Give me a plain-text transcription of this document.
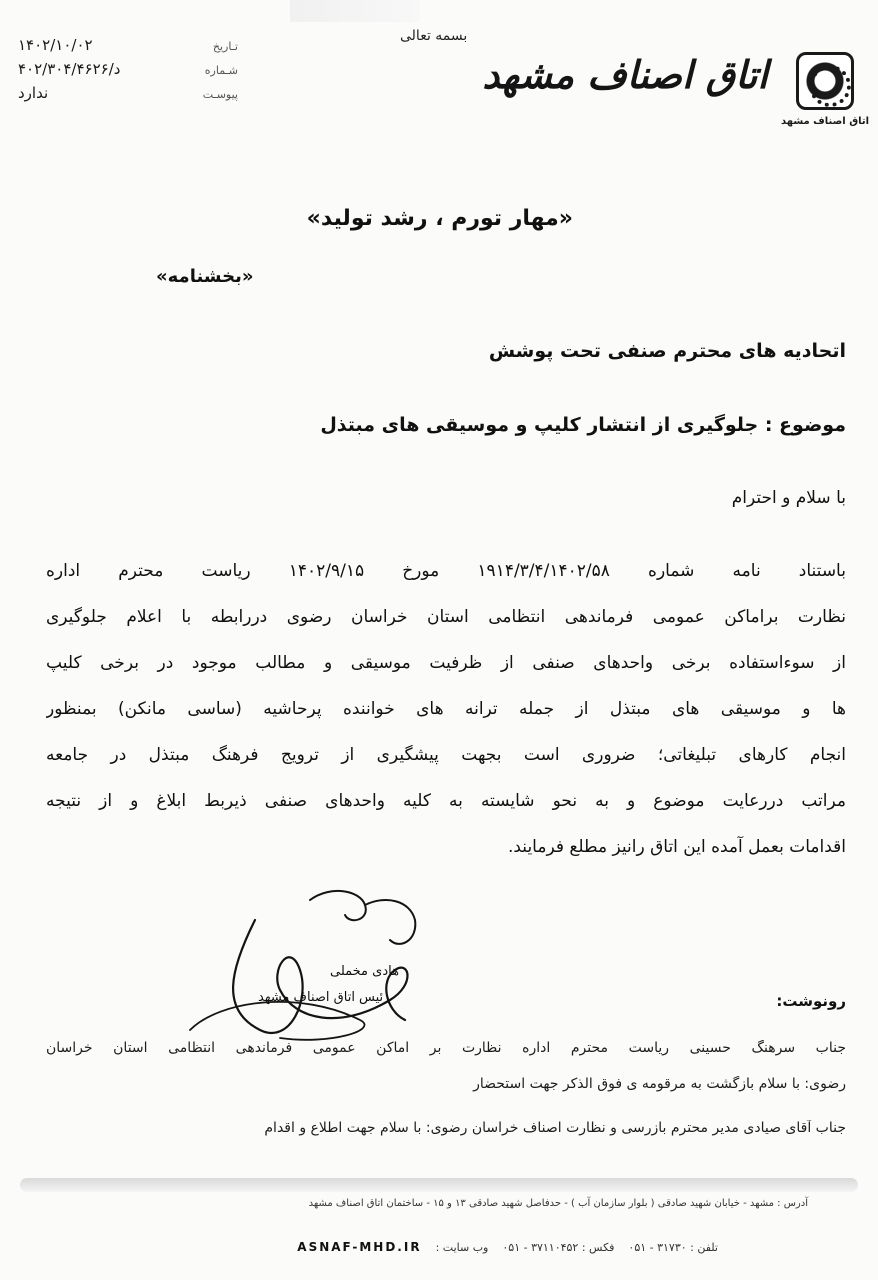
اتاق اصناف مشهد
اتاق اصناف مشهد
بسمه تعالی
تـاريخ
۱۴۰۲/۱۰/۰۲
شـماره
۴۰۲/۳۰۴/د/۴۶۲۶
پيوسـت
ندارد
«مهار تورم ، رشد تولید»
«بخشنامه»
اتحادیه های محترم صنفی تحت پوشش
موضوع : جلوگیری از انتشار کلیپ و موسیقی های مبتذل
با سلام و احترام
باستناد نامه شماره ۱۹۱۴/۳/۴/۱۴۰۲/۵۸ مورخ ۱۴۰۲/۹/۱۵ ریاست محترم اداره
نظارت براماکن عمومی فرماندهی انتظامی استان خراسان رضوی دررابطه با اعلام جلوگیری
از سوءاستفاده برخی واحدهای صنفی از ظرفیت موسیقی و مطالب موجود در برخی کلیپ
ها و موسیقی های مبتذل از جمله ترانه های خواننده پرحاشیه (ساسی مانکن) بمنظور
انجام کارهای تبلیغاتی؛ ضروری است بجهت پیشگیری از ترویج فرهنگ مبتذل در جامعه
مراتب دررعایت موضوع و به نحو شایسته به کلیه واحدهای صنفی ذیربط ابلاغ و از نتیجه
اقدامات بعمل آمده این اتاق رانیز مطلع فرمایند.
هادی مخملی
رئیس اتاق اصناف مشهد	رونوشت:
جناب سرهنگ حسینی ریاست محترم اداره نظارت بر اماکن عمومی فرماندهی انتظامی استان خراسان
رضوی: با سلام بازگشت به مرقومه ی فوق الذکر جهت استحضار
جناب آقای صیادی مدیر محترم بازرسی و نظارت اصناف خراسان رضوی: با سلام جهت اطلاع و اقدام
آدرس : مشهد - خیابان شهید صادقی ( بلوار سازمان آب ) - حدفاصل شهید صادقی ۱۳ و ۱۵ - ساختمان اتاق اصناف مشهد
تلفن : ۳۱۷۳۰ - ۰۵۱
فکس : ۳۷۱۱۰۴۵۲ - ۰۵۱
وب سایت :
ASNAF-MHD.IR
